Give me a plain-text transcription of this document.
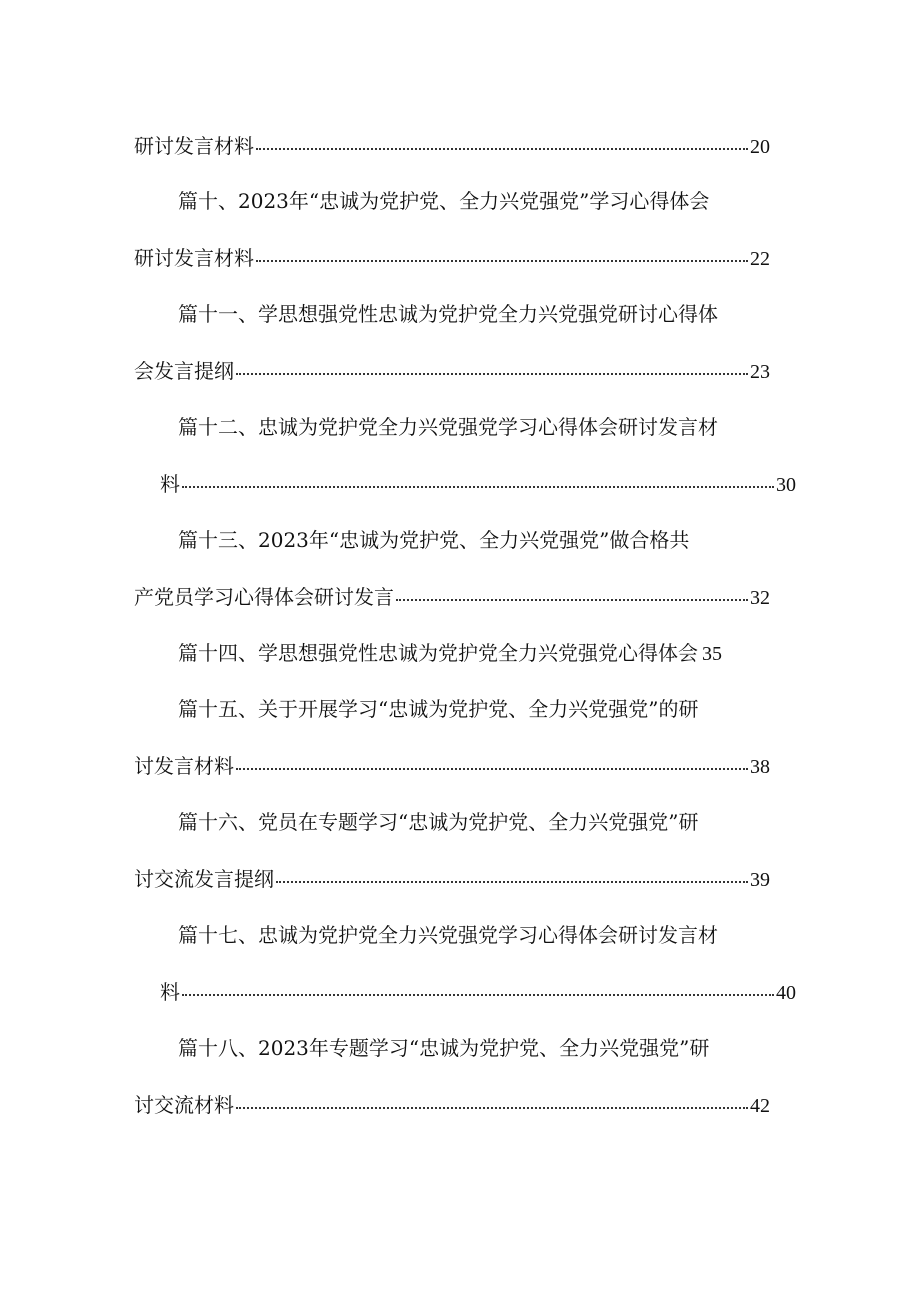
研讨发言材料	20
篇十、2023年“忠诚为党护党、全力兴党强党”学习心得体会
研讨发言材料	22
篇十一、学思想强党性忠诚为党护党全力兴党强党研讨心得体
会发言提纲	23
篇十二、忠诚为党护党全力兴党强党学习心得体会研讨发言材
料	30
篇十三、2023年“忠诚为党护党、全力兴党强党”做合格共
产党员学习心得体会研讨发言	32
篇十四、学思想强党性忠诚为党护党全力兴党强党心得体会 35
篇十五、关于开展学习“忠诚为党护党、全力兴党强党”的研
讨发言材料	38
篇十六、党员在专题学习“忠诚为党护党、全力兴党强党”研
讨交流发言提纲	39
篇十七、忠诚为党护党全力兴党强党学习心得体会研讨发言材
料	40
篇十八、2023年专题学习“忠诚为党护党、全力兴党强党”研
讨交流材料	42
